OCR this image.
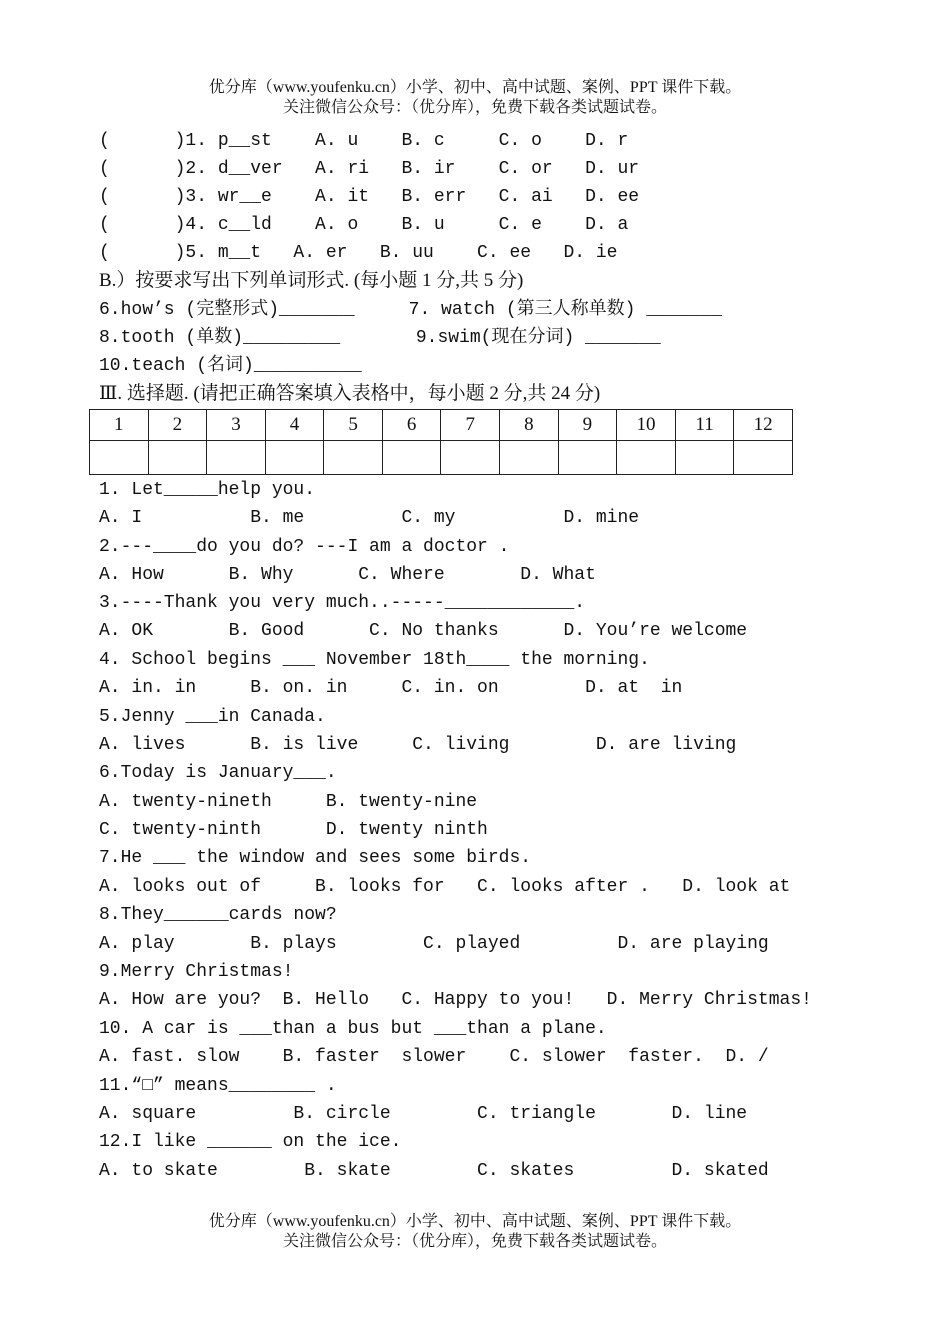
优分库（www.youfenku.cn）小学、初中、高中试题、案例、PPT 课件下载。
关注微信公众号：（优分库），免费下载各类试题试卷。
(      )1. p__st    A. u    B. c     C. o    D. r
(      )2. d__ver   A. ri   B. ir    C. or   D. ur
(      )3. wr__e    A. it   B. err   C. ai   D. ee
(      )4. c__ld    A. o    B. u     C. e    D. a
(      )5. m__t   A. er   B. uu    C. ee   D. ie
B.）按要求写出下列单词形式. (每小题 1 分,共 5 分)
6.how’s (完整形式)_______     7. watch (第三人称单数) _______
8.tooth (单数)_________       9.swim(现在分词) _______
10.teach (名词)__________
Ⅲ. 选择题. (请把正确答案填入表格中，每小题 2 分,共 24 分)
1	2	3	4	5	6	7	8	9	10	11	12

1. Let_____help you.
A. I          B. me         C. my          D. mine
2.---____do you do? ---I am a doctor .
A. How      B. Why      C. Where       D. What
3.----Thank you very much..-----____________.
A. OK       B. Good      C. No thanks      D. You’re welcome
4. School begins ___ November 18th____ the morning.
A. in. in     B. on. in     C. in. on        D. at  in
5.Jenny ___in Canada.
A. lives      B. is live     C. living        D. are living
6.Today is January___.
A. twenty-nineth     B. twenty-nine
C. twenty-ninth      D. twenty ninth
7.He ___ the window and sees some birds.
A. looks out of     B. looks for   C. looks after .   D. look at
8.They______cards now?
A. play       B. plays        C. played         D. are playing
9.Merry Christmas!
A. How are you?  B. Hello   C. Happy to you!   D. Merry Christmas!
10. A car is ___than a bus but ___than a plane.
A. fast. slow    B. faster  slower    C. slower  faster.  D. /
11.“□” means________ .
A. square         B. circle        C. triangle       D. line
12.I like ______ on the ice.
A. to skate        B. skate        C. skates         D. skated
优分库（www.youfenku.cn）小学、初中、高中试题、案例、PPT 课件下载。
关注微信公众号：（优分库），免费下载各类试题试卷。
